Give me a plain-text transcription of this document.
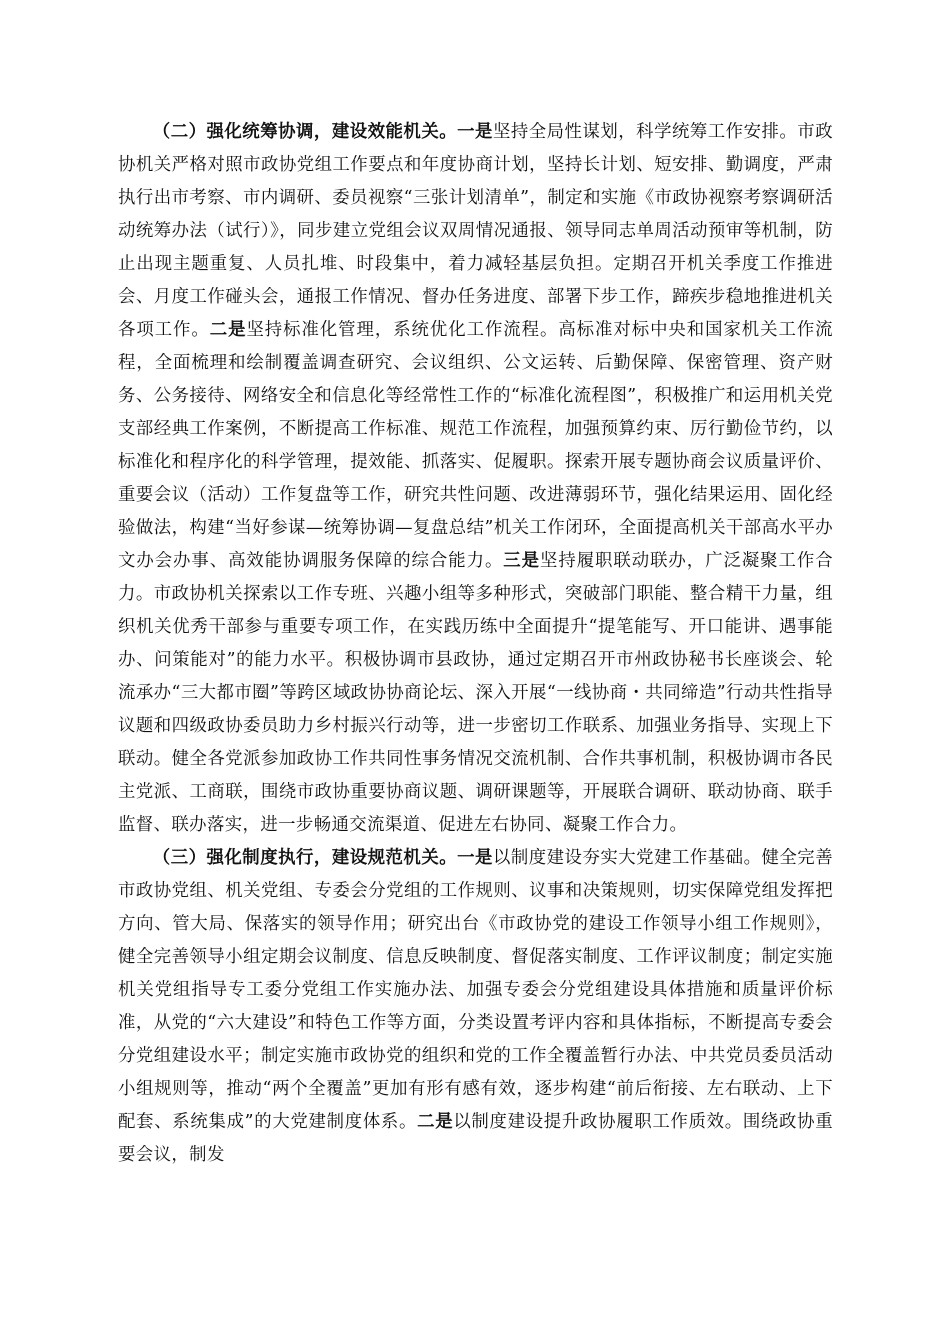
（二）强化统筹协调，建设效能机关。一是坚持全局性谋划，科学统筹工作安排。市政协机关严格对照市政协党组工作要点和年度协商计划，坚持长计划、短安排、勤调度，严肃执行出市考察、市内调研、委员视察“三张计划清单”，制定和实施《市政协视察考察调研活动统筹办法（试行）》，同步建立党组会议双周情况通报、领导同志单周活动预审等机制，防止出现主题重复、人员扎堆、时段集中，着力减轻基层负担。定期召开机关季度工作推进会、月度工作碰头会，通报工作情况、督办任务进度、部署下步工作，蹄疾步稳地推进机关各项工作。二是坚持标准化管理，系统优化工作流程。高标准对标中央和国家机关工作流程，全面梳理和绘制覆盖调查研究、会议组织、公文运转、后勤保障、保密管理、资产财务、公务接待、网络安全和信息化等经常性工作的“标准化流程图”，积极推广和运用机关党支部经典工作案例，不断提高工作标准、规范工作流程，加强预算约束、厉行勤俭节约，以标准化和程序化的科学管理，提效能、抓落实、促履职。探索开展专题协商会议质量评价、重要会议（活动）工作复盘等工作，研究共性问题、改进薄弱环节，强化结果运用、固化经验做法，构建“当好参谋—统筹协调—复盘总结”机关工作闭环，全面提高机关干部高水平办文办会办事、高效能协调服务保障的综合能力。三是坚持履职联动联办，广泛凝聚工作合力。市政协机关探索以工作专班、兴趣小组等多种形式，突破部门职能、整合精干力量，组织机关优秀干部参与重要专项工作，在实践历练中全面提升“提笔能写、开口能讲、遇事能办、问策能对”的能力水平。积极协调市县政协，通过定期召开市州政协秘书长座谈会、轮流承办“三大都市圈”等跨区域政协协商论坛、深入开展“一线协商・共同缔造”行动共性指导议题和四级政协委员助力乡村振兴行动等，进一步密切工作联系、加强业务指导、实现上下联动。健全各党派参加政协工作共同性事务情况交流机制、合作共事机制，积极协调市各民主党派、工商联，围绕市政协重要协商议题、调研课题等，开展联合调研、联动协商、联手监督、联办落实，进一步畅通交流渠道、促进左右协同、凝聚工作合力。

（三）强化制度执行，建设规范机关。一是以制度建设夯实大党建工作基础。健全完善市政协党组、机关党组、专委会分党组的工作规则、议事和决策规则，切实保障党组发挥把方向、管大局、保落实的领导作用；研究出台《市政协党的建设工作领导小组工作规则》，健全完善领导小组定期会议制度、信息反映制度、督促落实制度、工作评议制度；制定实施机关党组指导专工委分党组工作实施办法、加强专委会分党组建设具体措施和质量评价标准，从党的“六大建设”和特色工作等方面，分类设置考评内容和具体指标，不断提高专委会分党组建设水平；制定实施市政协党的组织和党的工作全覆盖暂行办法、中共党员委员活动小组规则等，推动“两个全覆盖”更加有形有感有效，逐步构建“前后衔接、左右联动、上下配套、系统集成”的大党建制度体系。二是以制度建设提升政协履职工作质效。围绕政协重要会议，制发
